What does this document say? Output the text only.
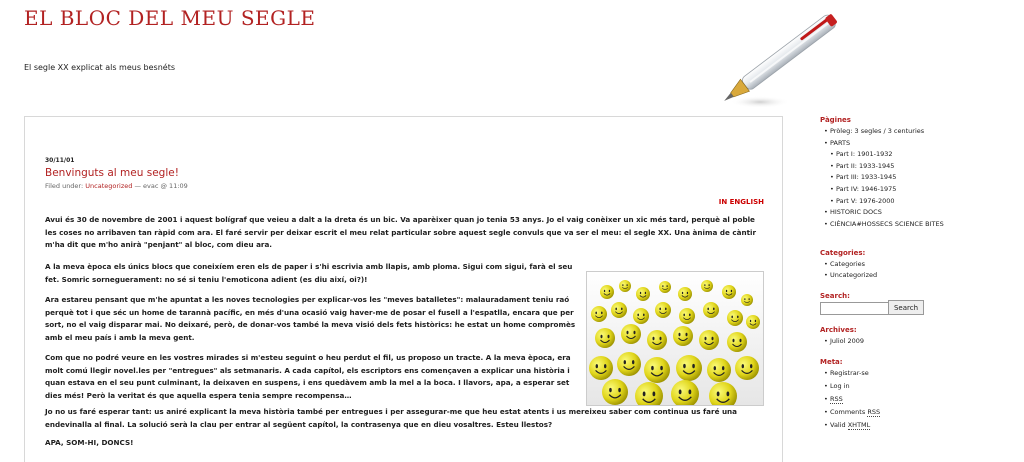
EL BLOC DEL MEU SEGLE
El segle XX explicat als meus besnéts
30/11/01
Benvinguts al meu segle!
Filed under: Uncategorized — evac @ 11:09
IN ENGLISH

Avui és 30 de novembre de 2001 i aquest bolígraf que veieu a dalt a la dreta és un bic. Va aparèixer quan jo tenia 53 anys. Jo el vaig conèixer un xic més tard, perquè al poble les coses no arribaven tan ràpid com ara. El faré servir per deixar escrit el meu relat particular sobre aquest segle convuls que va ser el meu: el segle XX. Una ànima de càntir m'ha dit que m'ho anirà "penjant" al bloc, com dieu ara.

A la meva època els únics blocs que coneixíem eren els de paper i s'hi escrivia amb llapis, amb ploma. Sigui com sigui, farà el seu fet. Somric sorneguerament: no sé si teniu l'emoticona adient (es diu així, oi?)!

Ara estareu pensant que m'he apuntat a les noves tecnologies per explicar-vos les "meves batalletes": malauradament teniu raó perquè tot i que séc un home de tarannà pacífic, en més d'una ocasió vaig haver-me de posar el fusell a l'espatlla, encara que per sort, no el vaig disparar mai. No deixaré, però, de donar-vos també la meva visió dels fets històrics: he estat un home compromès amb el meu país i amb la meva gent.

Com que no podré veure en les vostres mirades si m'esteu seguint o heu perdut el fil, us proposo un tracte. A la meva època, era molt comú llegir novel.les per "entregues" als setmanaris. A cada capítol, els escriptors ens començaven a explicar una història i quan estava en el seu punt culminant, la deixaven en suspens, i ens quedàvem amb la mel a la boca. I llavors, apa, a esperar set dies més! Però la veritat és que aquella espera tenia sempre recompensa…

Jo no us faré esperar tant: us aniré explicant la meva història també per entregues i per assegurar-me que heu estat atents i us mereixeu saber com continua us faré una endevinalla al final. La solució serà la clau per entrar al següent capítol, la contrasenya que en dieu vosaltres. Esteu llestos?

APA, SOM-HI, DONCS!

Pàgines
• Pròleg: 3 segles / 3 centuries
• PARTS
• Part I: 1901-1932
• Part II: 1933-1945
• Part III: 1933-1945
• Part IV: 1946-1975
• Part V: 1976-2000
• HISTORIC DOCS
• CIÈNCIA#HOSSECS SCIENCE BITES
Categories:
• Categories
• Uncategorized
Search:
Search
Archives:
• Juliol 2009
Meta:
• Registrar-se
• Log in
• RSS
• Comments RSS
• Valid XHTML
